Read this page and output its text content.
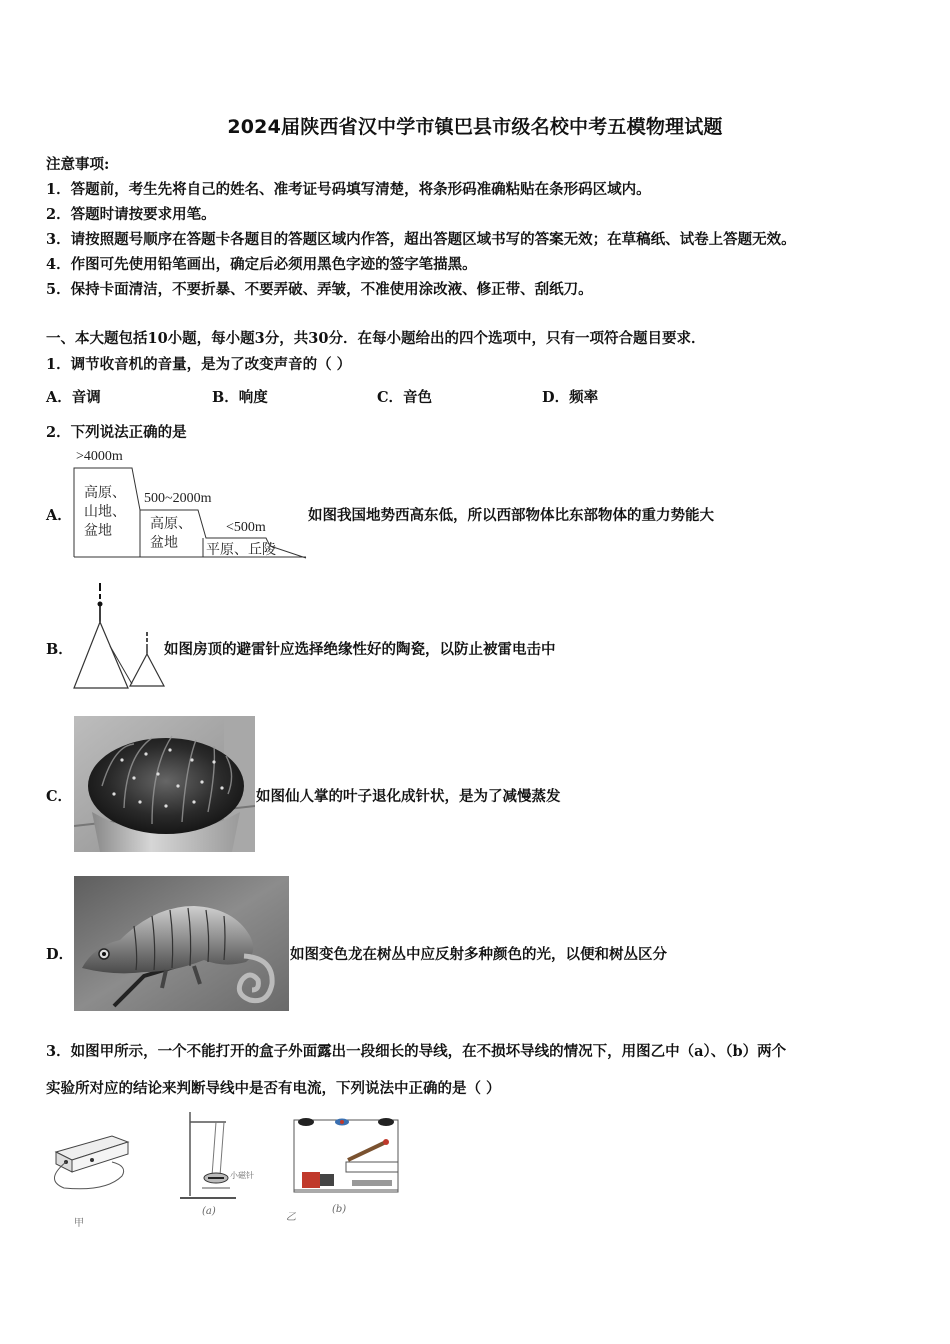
2024届陕西省汉中学市镇巴县市级名校中考五模物理试题
注意事项:
1．答题前，考生先将自己的姓名、准考证号码填写清楚，将条形码准确粘贴在条形码区域内。
2．答题时请按要求用笔。
3．请按照题号顺序在答题卡各题目的答题区域内作答，超出答题区域书写的答案无效；在草稿纸、试卷上答题无效。
4．作图可先使用铅笔画出，确定后必须用黑色字迹的签字笔描黑。
5．保持卡面清洁，不要折暴、不要弄破、弄皱，不准使用涂改液、修正带、刮纸刀。
一、本大题包括10小题，每小题3分，共30分．在每小题给出的四个选项中，只有一项符合题目要求．
1．调节收音机的音量，是为了改变声音的（ ）
A．音调	B．响度	C．音色	D．频率
2．下列说法正确的是
A．
>4000m
高原、
山地、
盆地
500~2000m
高原、
盆地
<500m
平原、丘陵
如图我国地势西高东低，所以西部物体比东部物体的重力势能大
B．	如图房顶的避雷针应选择绝缘性好的陶瓷，以防止被雷电击中
C．	如图仙人掌的叶子退化成针状，是为了减慢蒸发
D．	如图变色龙在树丛中应反射多种颜色的光，以便和树丛区分
3．如图甲所示，一个不能打开的盒子外面露出一段细长的导线，在不损坏导线的情况下，用图乙中（a）、（b）两个
实验所对应的结论来判断导线中是否有电流，下列说法中正确的是（ ）
甲
小磁针
(a)
乙
(b)
